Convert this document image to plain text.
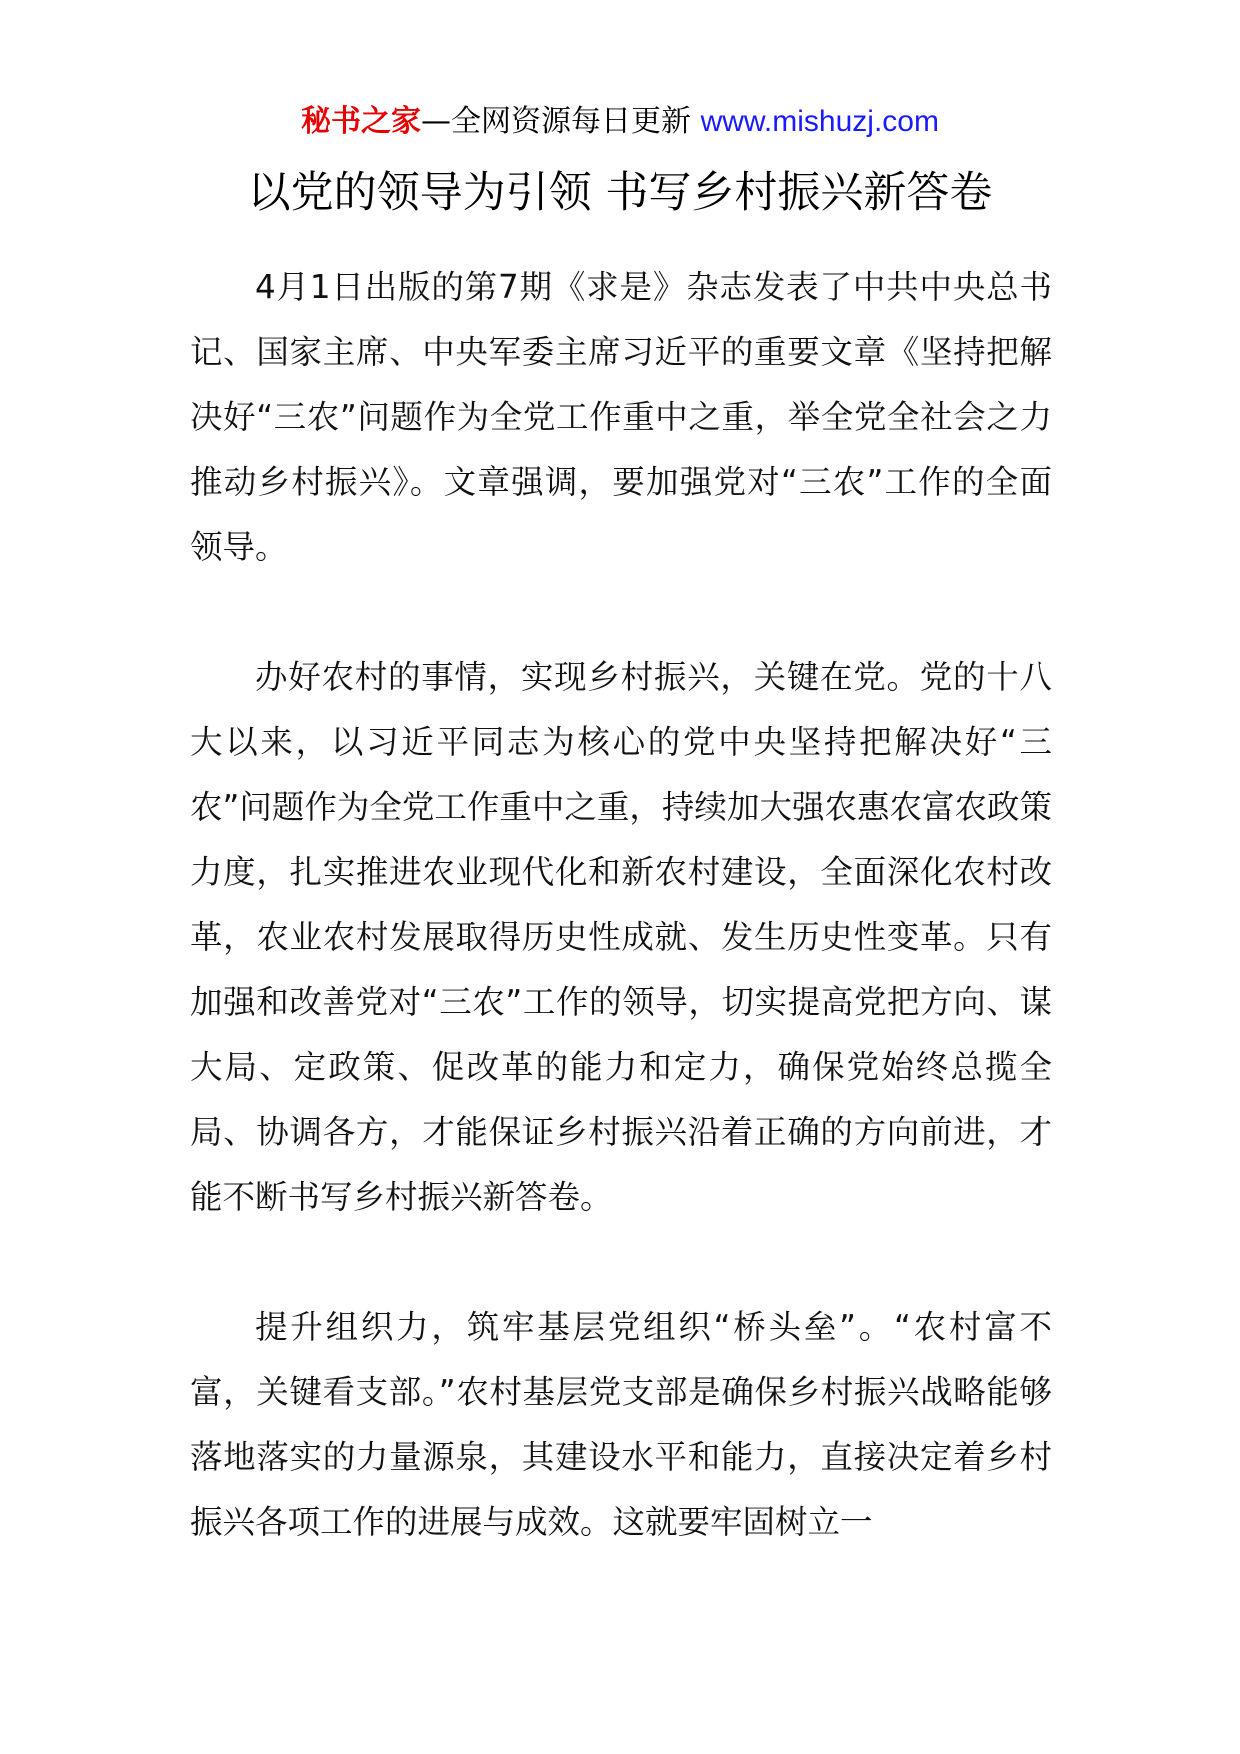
秘书之家—全网资源每日更新 www.mishuzj.com
以党的领导为引领 书写乡村振兴新答卷

4月1日出版的第7期《求是》杂志发表了中共中央总书记、国家主席、中央军委主席习近平的重要文章《坚持把解决好“三农”问题作为全党工作重中之重，举全党全社会之力推动乡村振兴》。文章强调，要加强党对“三农”工作的全面领导。

办好农村的事情，实现乡村振兴，关键在党。党的十八大以来，以习近平同志为核心的党中央坚持把解决好“三农”问题作为全党工作重中之重，持续加大强农惠农富农政策力度，扎实推进农业现代化和新农村建设，全面深化农村改革，农业农村发展取得历史性成就、发生历史性变革。只有加强和改善党对“三农”工作的领导，切实提高党把方向、谋大局、定政策、促改革的能力和定力，确保党始终总揽全局、协调各方，才能保证乡村振兴沿着正确的方向前进，才能不断书写乡村振兴新答卷。

提升组织力，筑牢基层党组织“桥头垒”。“农村富不富，关键看支部。”农村基层党支部是确保乡村振兴战略能够落地落实的力量源泉，其建设水平和能力，直接决定着乡村振兴各项工作的进展与成效。这就要牢固树立一
